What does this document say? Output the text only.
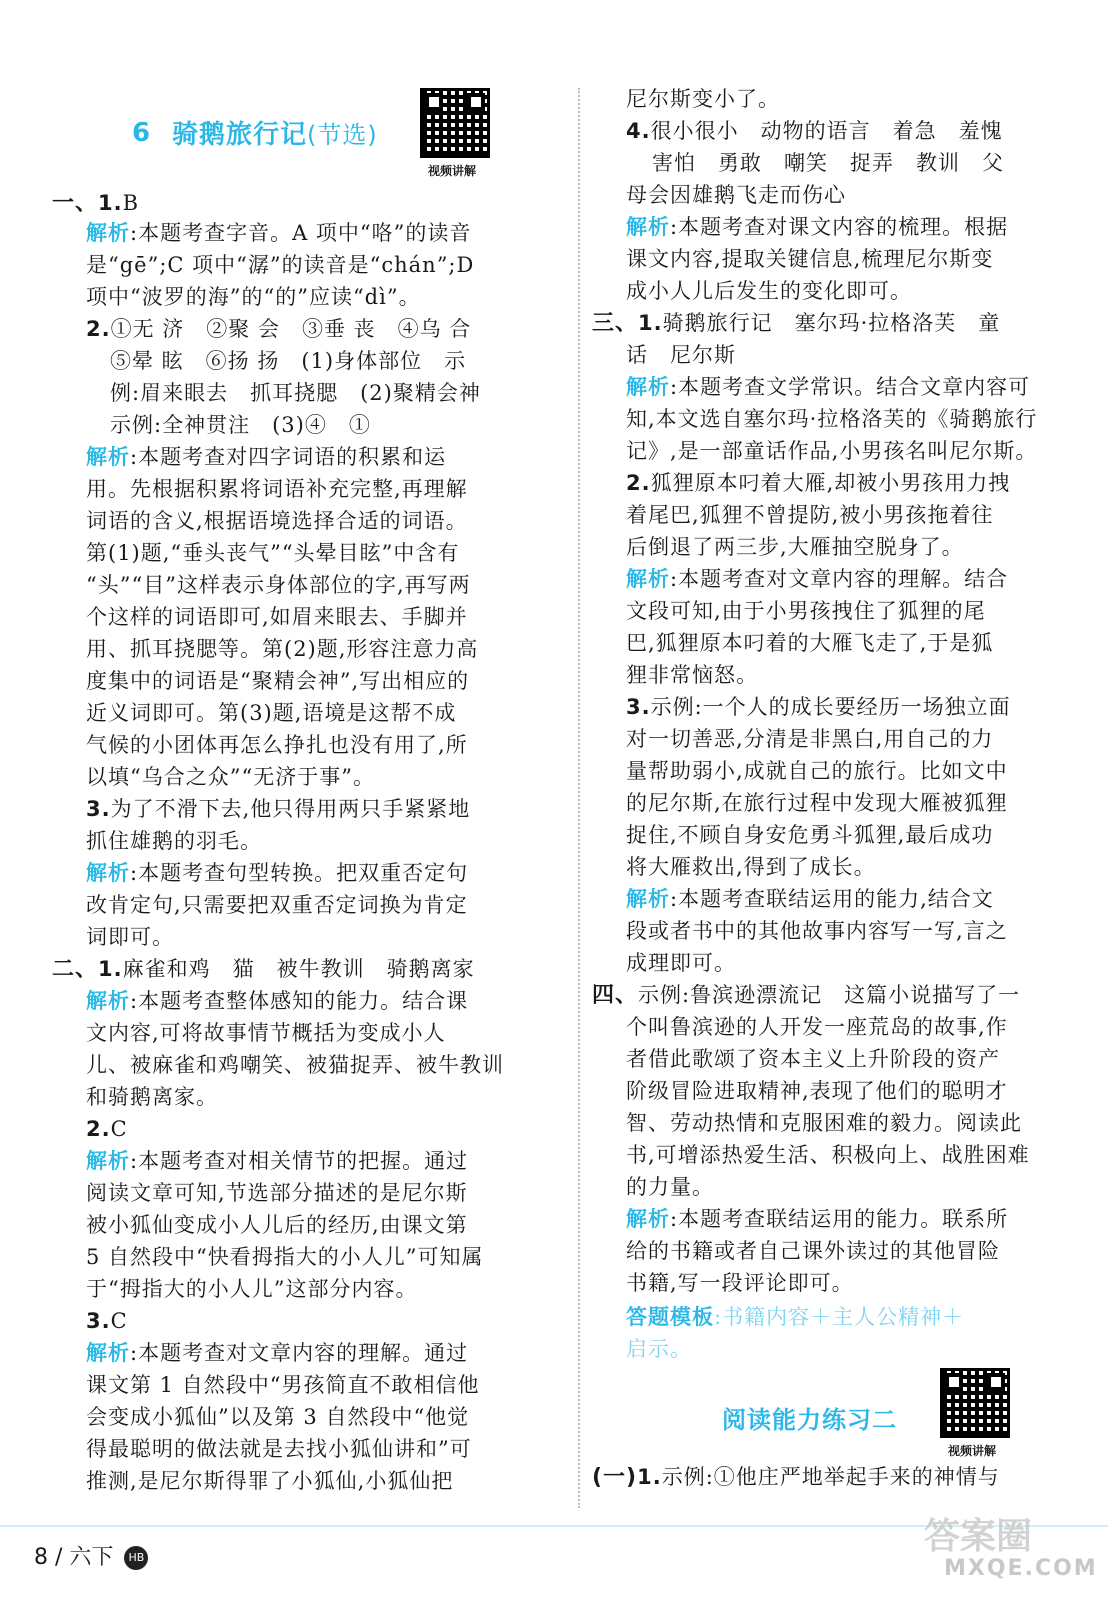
6 骑鹅旅行记(节选)
视频讲解
一、1.B
解析:本题考查字音。A 项中“咯”的读音
是“gē”;C 项中“潺”的读音是“chán”;D
项中“波罗的海”的“的”应读“dì”。
2.①无 济　②聚 会　③垂 丧　④乌 合
⑤晕 眩　⑥扬 扬　(1)身体部位　示
例:眉来眼去　抓耳挠腮　(2)聚精会神
示例:全神贯注　(3)④　①
解析:本题考查对四字词语的积累和运
用。先根据积累将词语补充完整,再理解
词语的含义,根据语境选择合适的词语。
第(1)题,“垂头丧气”“头晕目眩”中含有
“头”“目”这样表示身体部位的字,再写两
个这样的词语即可,如眉来眼去、手脚并
用、抓耳挠腮等。第(2)题,形容注意力高
度集中的词语是“聚精会神”,写出相应的
近义词即可。第(3)题,语境是这帮不成
气候的小团体再怎么挣扎也没有用了,所
以填“乌合之众”“无济于事”。
3.为了不滑下去,他只得用两只手紧紧地
抓住雄鹅的羽毛。
解析:本题考查句型转换。把双重否定句
改肯定句,只需要把双重否定词换为肯定
词即可。
二、1.麻雀和鸡　猫　被牛教训　骑鹅离家
解析:本题考查整体感知的能力。结合课
文内容,可将故事情节概括为变成小人
儿、被麻雀和鸡嘲笑、被猫捉弄、被牛教训
和骑鹅离家。
2.C
解析:本题考查对相关情节的把握。通过
阅读文章可知,节选部分描述的是尼尔斯
被小狐仙变成小人儿后的经历,由课文第
5 自然段中“快看拇指大的小人儿”可知属
于“拇指大的小人儿”这部分内容。
3.C
解析:本题考查对文章内容的理解。通过
课文第 1 自然段中“男孩简直不敢相信他
会变成小狐仙”以及第 3 自然段中“他觉
得最聪明的做法就是去找小狐仙讲和”可
推测,是尼尔斯得罪了小狐仙,小狐仙把
尼尔斯变小了。
4.很小很小　动物的语言　着急　羞愧
害怕　勇敢　嘲笑　捉弄　教训　父
母会因雄鹅飞走而伤心
解析:本题考查对课文内容的梳理。根据
课文内容,提取关键信息,梳理尼尔斯变
成小人儿后发生的变化即可。
三、1.骑鹅旅行记　塞尔玛·拉格洛芙　童
话　尼尔斯
解析:本题考查文学常识。结合文章内容可
知,本文选自塞尔玛·拉格洛芙的《骑鹅旅行
记》,是一部童话作品,小男孩名叫尼尔斯。
2.狐狸原本叼着大雁,却被小男孩用力拽
着尾巴,狐狸不曾提防,被小男孩拖着往
后倒退了两三步,大雁抽空脱身了。
解析:本题考查对文章内容的理解。结合
文段可知,由于小男孩拽住了狐狸的尾
巴,狐狸原本叼着的大雁飞走了,于是狐
狸非常恼怒。
3.示例:一个人的成长要经历一场独立面
对一切善恶,分清是非黑白,用自己的力
量帮助弱小,成就自己的旅行。比如文中
的尼尔斯,在旅行过程中发现大雁被狐狸
捉住,不顾自身安危勇斗狐狸,最后成功
将大雁救出,得到了成长。
解析:本题考查联结运用的能力,结合文
段或者书中的其他故事内容写一写,言之
成理即可。
四、示例:鲁滨逊漂流记　这篇小说描写了一
个叫鲁滨逊的人开发一座荒岛的故事,作
者借此歌颂了资本主义上升阶段的资产
阶级冒险进取精神,表现了他们的聪明才
智、劳动热情和克服困难的毅力。阅读此
书,可增添热爱生活、积极向上、战胜困难
的力量。
解析:本题考查联结运用的能力。联系所
给的书籍或者自己课外读过的其他冒险
书籍,写一段评论即可。
答题模板:书籍内容＋主人公精神＋
启示。
(一)1.示例:①他庄严地举起手来的神情与
阅读能力练习二
视频讲解
8 / 六下 HB
答案圈
MXQE.COM
